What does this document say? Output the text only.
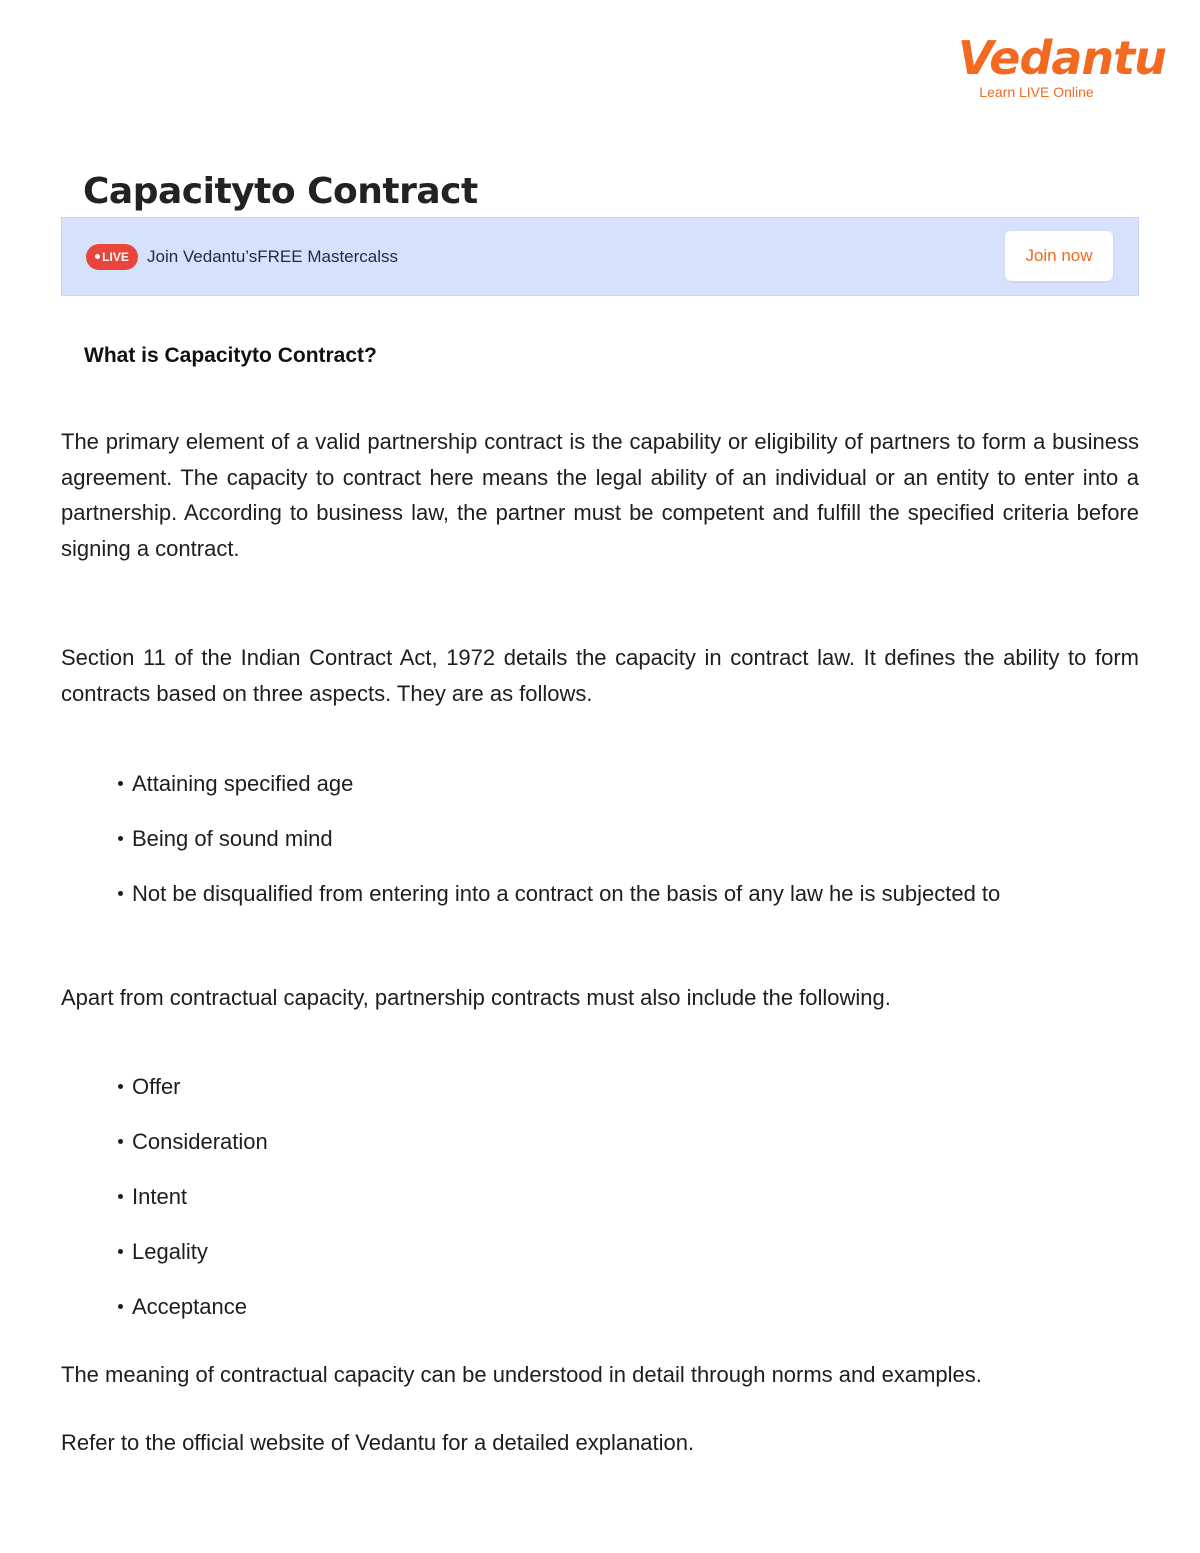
Vedantu
Learn LIVE Online
Capacityto Contract
LIVE	Join Vedantu’sFREE Mastercalss	Join now
What is Capacityto Contract?

The primary element of a valid partnership contract is the capability or eligibility of partners to form a business agreement. The capacity to contract here means the legal ability of an individual or an entity to enter into a partnership. According to business law, the partner must be competent and fulfill the specified criteria before signing a contract.

Section 11 of the Indian Contract Act, 1972 details the capacity in contract law. It defines the ability to form contracts based on three aspects. They are as follows.

Attaining specified age
Being of sound mind
Not be disqualified from entering into a contract on the basis of any law he is subjected to

Apart from contractual capacity, partnership contracts must also include the following.

Offer
Consideration
Intent
Legality
Acceptance

The meaning of contractual capacity can be understood in detail through norms and examples.

Refer to the official website of Vedantu for a detailed explanation.
